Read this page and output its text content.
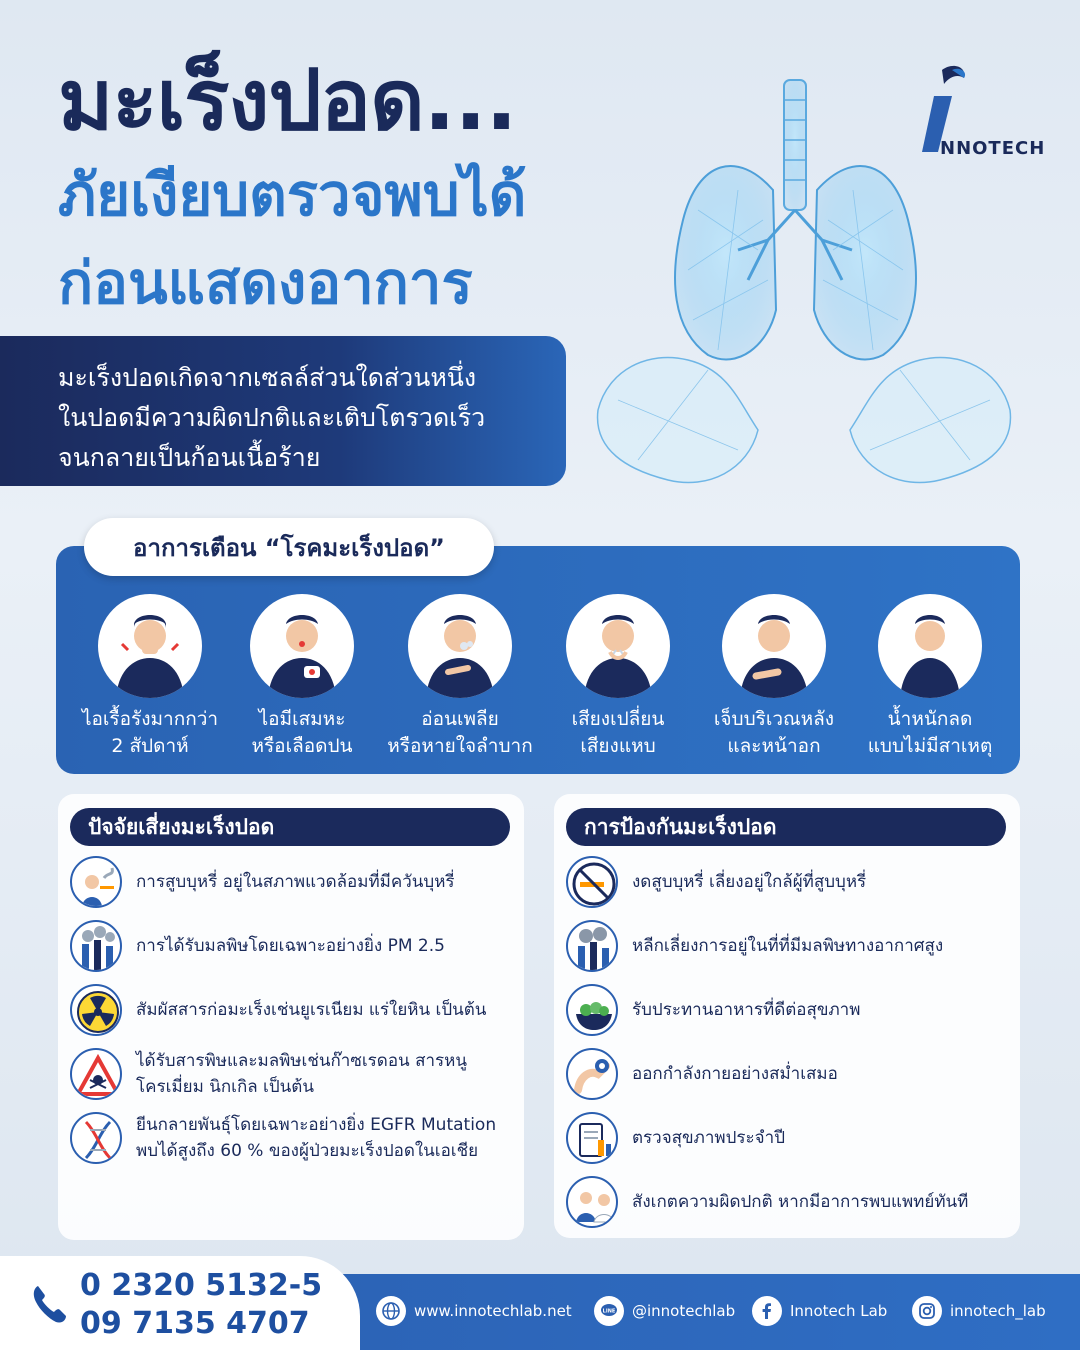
NNOTECH
มะเร็งปอด...
ภัยเงียบตรวจพบได้
ก่อนแสดงอาการ
มะเร็งปอดเกิดจากเซลล์ส่วนใดส่วนหนึ่ง
ในปอดมีความผิดปกติและเติบโตรวดเร็ว
จนกลายเป็นก้อนเนื้อร้าย
อาการเตือน “โรคมะเร็งปอด”
ไอเรื้อรังมากกว่า
2 สัปดาห์
ไอมีเสมหะ
หรือเลือดปน
อ่อนเพลีย
หรือหายใจลำบาก
เสียงเปลี่ยน
เสียงแหบ
เจ็บบริเวณหลัง
และหน้าอก
น้ำหนักลด
แบบไม่มีสาเหตุ
ปัจจัยเสี่ยงมะเร็งปอด
การสูบบุหรี่ อยู่ในสภาพแวดล้อมที่มีควันบุหรี่
การได้รับมลพิษโดยเฉพาะอย่างยิ่ง PM 2.5
สัมผัสสารก่อมะเร็งเช่นยูเรเนียม แร่ใยหิน เป็นต้น
ได้รับสารพิษและมลพิษเช่นก๊าซเรดอน สารหนู
โครเมี่ยม นิกเกิล เป็นต้น
ยีนกลายพันธุ์โดยเฉพาะอย่างยิ่ง EGFR Mutation
พบได้สูงถึง 60 % ของผู้ป่วยมะเร็งปอดในเอเชีย
การป้องกันมะเร็งปอด
งดสูบบุหรี่ เลี่ยงอยู่ใกล้ผู้ที่สูบบุหรี่
หลีกเลี่ยงการอยู่ในที่ที่มีมลพิษทางอากาศสูง
รับประทานอาหารที่ดีต่อสุขภาพ
ออกกำลังกายอย่างสม่ำเสมอ
ตรวจสุขภาพประจำปี
สังเกตความผิดปกติ หากมีอาการพบแพทย์ทันที
0 2320 5132-5
09 7135 4707	www.innotechlab.net	LINE @innotechlab	Innotech Lab	innotech_lab
